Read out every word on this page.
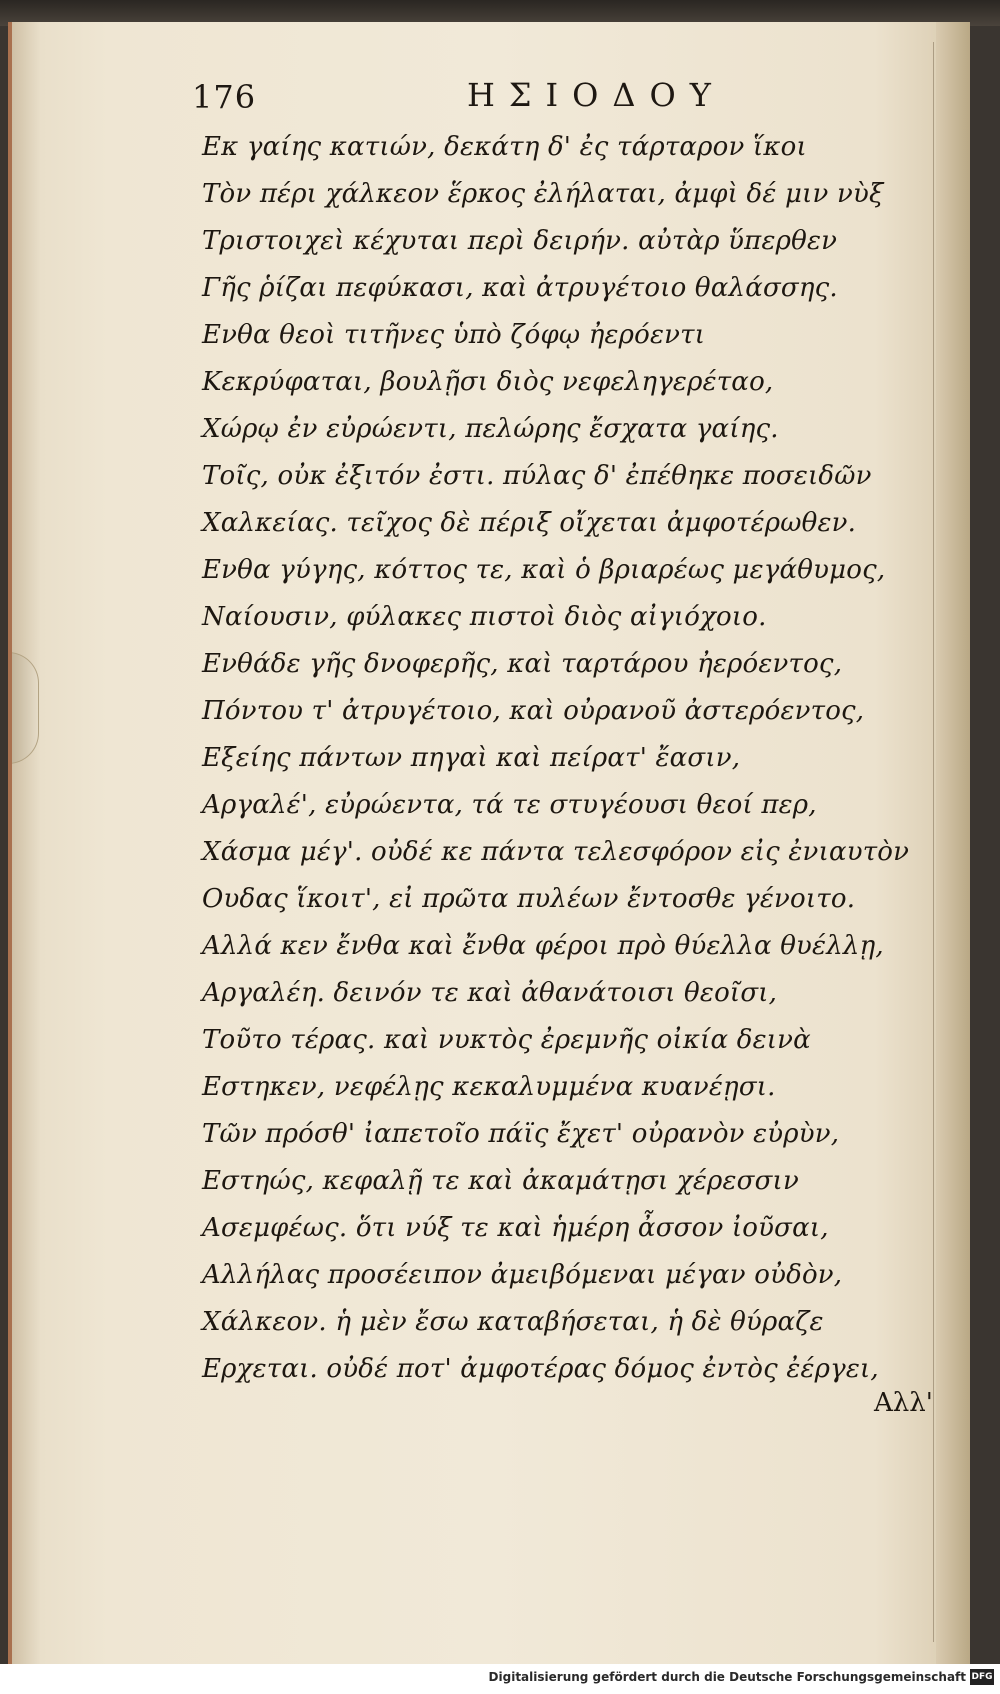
176	ΗΣΙΟΔΟΥ
Εκ γαίης κατιών, δεκάτη δ' ἐς τάρταρον ἵκοι
Τὸν πέρι χάλκεον ἕρκος ἐλήλαται, ἀμφὶ δέ μιν νὺξ
Τριστοιχεὶ κέχυται περὶ δειρήν. αὐτὰρ ὕπερθεν
Γῆς ῥίζαι πεφύκασι, καὶ ἀτρυγέτοιο θαλάσσης.
Ενθα θεοὶ τιτῆνες ὑπὸ ζόφῳ ἠερόεντι
Κεκρύφαται, βουλῇσι διὸς νεφεληγερέταο,
Χώρῳ ἐν εὐρώεντι, πελώρης ἔσχατα γαίης.
Τοῖς, οὐκ ἐξιτόν ἐστι. πύλας δ' ἐπέθηκε ποσειδῶν
Χαλκείας. τεῖχος δὲ πέριξ οἴχεται ἀμφοτέρωθεν.
Ενθα γύγης, κόττος τε, καὶ ὁ βριαρέως μεγάθυμος,
Ναίουσιν, φύλακες πιστοὶ διὸς αἰγιόχοιο.
Ενθάδε γῆς δνοφερῆς, καὶ ταρτάρου ἠερόεντος,
Πόντου τ' ἀτρυγέτοιο, καὶ οὐρανοῦ ἀστερόεντος,
Εξείης πάντων πηγαὶ καὶ πείρατ' ἔασιν,
Αργαλέ', εὐρώεντα, τά τε στυγέουσι θεοί περ,
Χάσμα μέγ'. οὐδέ κε πάντα τελεσφόρον εἰς ἐνιαυτὸν
Ουδας ἵκοιτ', εἰ πρῶτα πυλέων ἔντοσθε γένοιτο.
Αλλά κεν ἔνθα καὶ ἔνθα φέροι πρὸ θύελλα θυέλλῃ,
Αργαλέη. δεινόν τε καὶ ἀθανάτοισι θεοῖσι,
Τοῦτο τέρας. καὶ νυκτὸς ἐρεμνῆς οἰκία δεινὰ
Εστηκεν, νεφέλῃς κεκαλυμμένα κυανέῃσι.
Τῶν πρόσθ' ἰαπετοῖο πάϊς ἔχετ' οὐρανὸν εὐρὺν,
Εστηώς, κεφαλῇ τε καὶ ἀκαμάτῃσι χέρεσσιν
Ασεμφέως. ὅτι νύξ τε καὶ ἡμέρη ἆσσον ἰοῦσαι,
Αλλήλας προσέειπον ἀμειβόμεναι μέγαν οὐδὸν,
Χάλκεον. ἡ μὲν ἔσω καταβήσεται, ἡ δὲ θύραζε
Ερχεται. οὐδέ ποτ' ἀμφοτέρας δόμος ἐντὸς ἐέργει,
Αλλ'
Digitalisierung gefördert durch die Deutsche Forschungsgemeinschaft DFG
